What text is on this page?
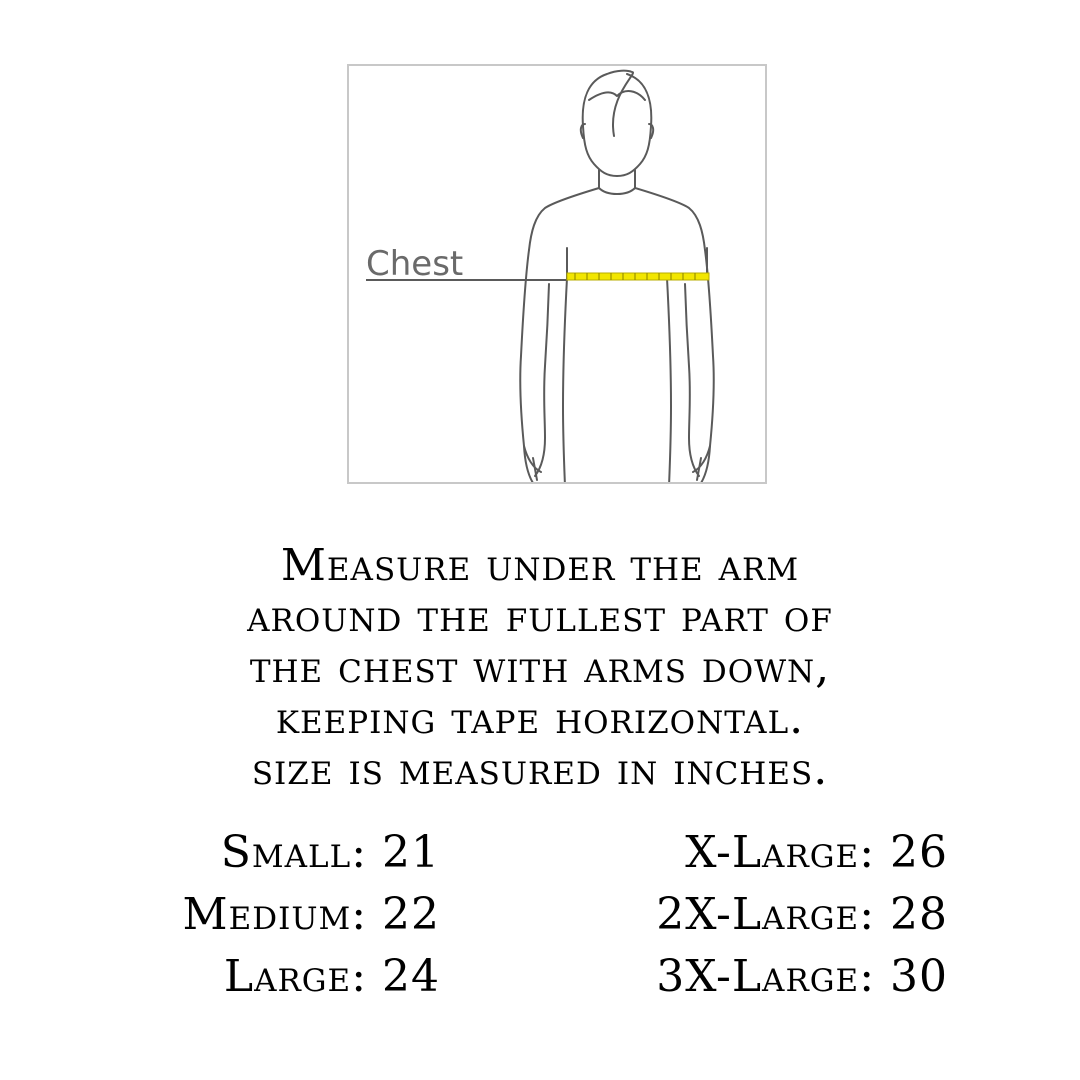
Chest
Measure under the arm
around the fullest part of
the chest with arms down,
keeping tape horizontal.
size is measured in inches.
Small: 21
Medium: 22
Large: 24
X-Large: 26
2X-Large: 28
3X-Large: 30
